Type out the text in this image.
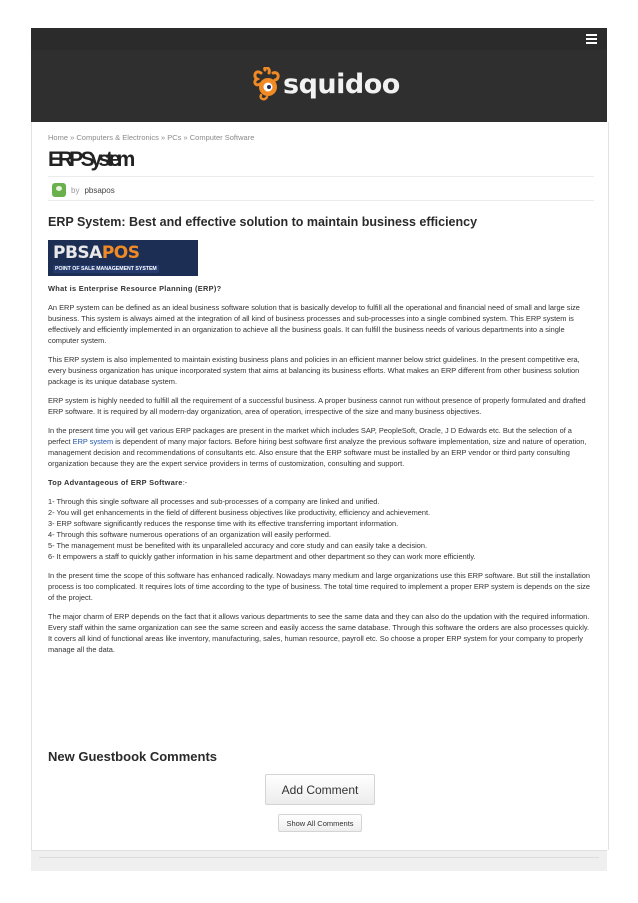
squidoo
Home » Computers & Electronics » PCs » Computer Software
ERP System
by pbsapos
ERP System: Best and effective solution to maintain business efficiency
PBSAPOS
POINT OF SALE MANAGEMENT SYSTEM

What is Enterprise Resource Planning (ERP)?

An ERP system can be defined as an ideal business software solution that is basically develop to fulfill all the operational and financial need of small and large size business. This system is always aimed at the integration of all kind of business processes and sub-processes into a single combined system. This ERP system is effectively and efficiently implemented in an organization to achieve all the business goals. It can fulfill the business needs of various departments into a single computer system.

This ERP system is also implemented to maintain existing business plans and policies in an efficient manner below strict guidelines. In the present competitive era, every business organization has unique incorporated system that aims at balancing its business efforts. What makes an ERP different from other business solution package is its unique database system.

ERP system is highly needed to fulfill all the requirement of a successful business. A proper business cannot run without presence of properly formulated and drafted ERP software. It is required by all modern-day organization, area of operation, irrespective of the size and many business objectives.

In the present time you will get various ERP packages are present in the market which includes SAP, PeopleSoft, Oracle, J D Edwards etc. But the selection of a perfect ERP system is dependent of many major factors. Before hiring best software first analyze the previous software implementation, size and nature of operation, management decision and recommendations of consultants etc. Also ensure that the ERP software must be installed by an ERP vendor or third party consulting organization because they are the expert service providers in terms of customization, consulting and support.

Top Advantageous of ERP Software:-

1- Through this single software all processes and sub-processes of a company are linked and unified.
2- You will get enhancements in the field of different business objectives like productivity, efficiency and achievement.
3- ERP software significantly reduces the response time with its effective transferring important information.
4- Through this software numerous operations of an organization will easily performed.
5- The management must be benefited with its unparalleled accuracy and core study and can easily take a decision.
6- It empowers a staff to quickly gather information in his same department and other department so they can work more efficiently.

In the present time the scope of this software has enhanced radically. Nowadays many medium and large organizations use this ERP software. But still the installation process is too complicated. It requires lots of time according to the type of business. The total time required to implement a proper ERP system is depends on the size of the project.

The major charm of ERP depends on the fact that it allows various departments to see the same data and they can also do the updation with the required information. Every staff within the same organization can see the same screen and easily access the same database. Through this software the orders are also processes quickly. It covers all kind of functional areas like inventory, manufacturing, sales, human resource, payroll etc. So choose a proper ERP system for your company to properly manage all the data.

New Guestbook Comments
Add Comment
Show All Comments
